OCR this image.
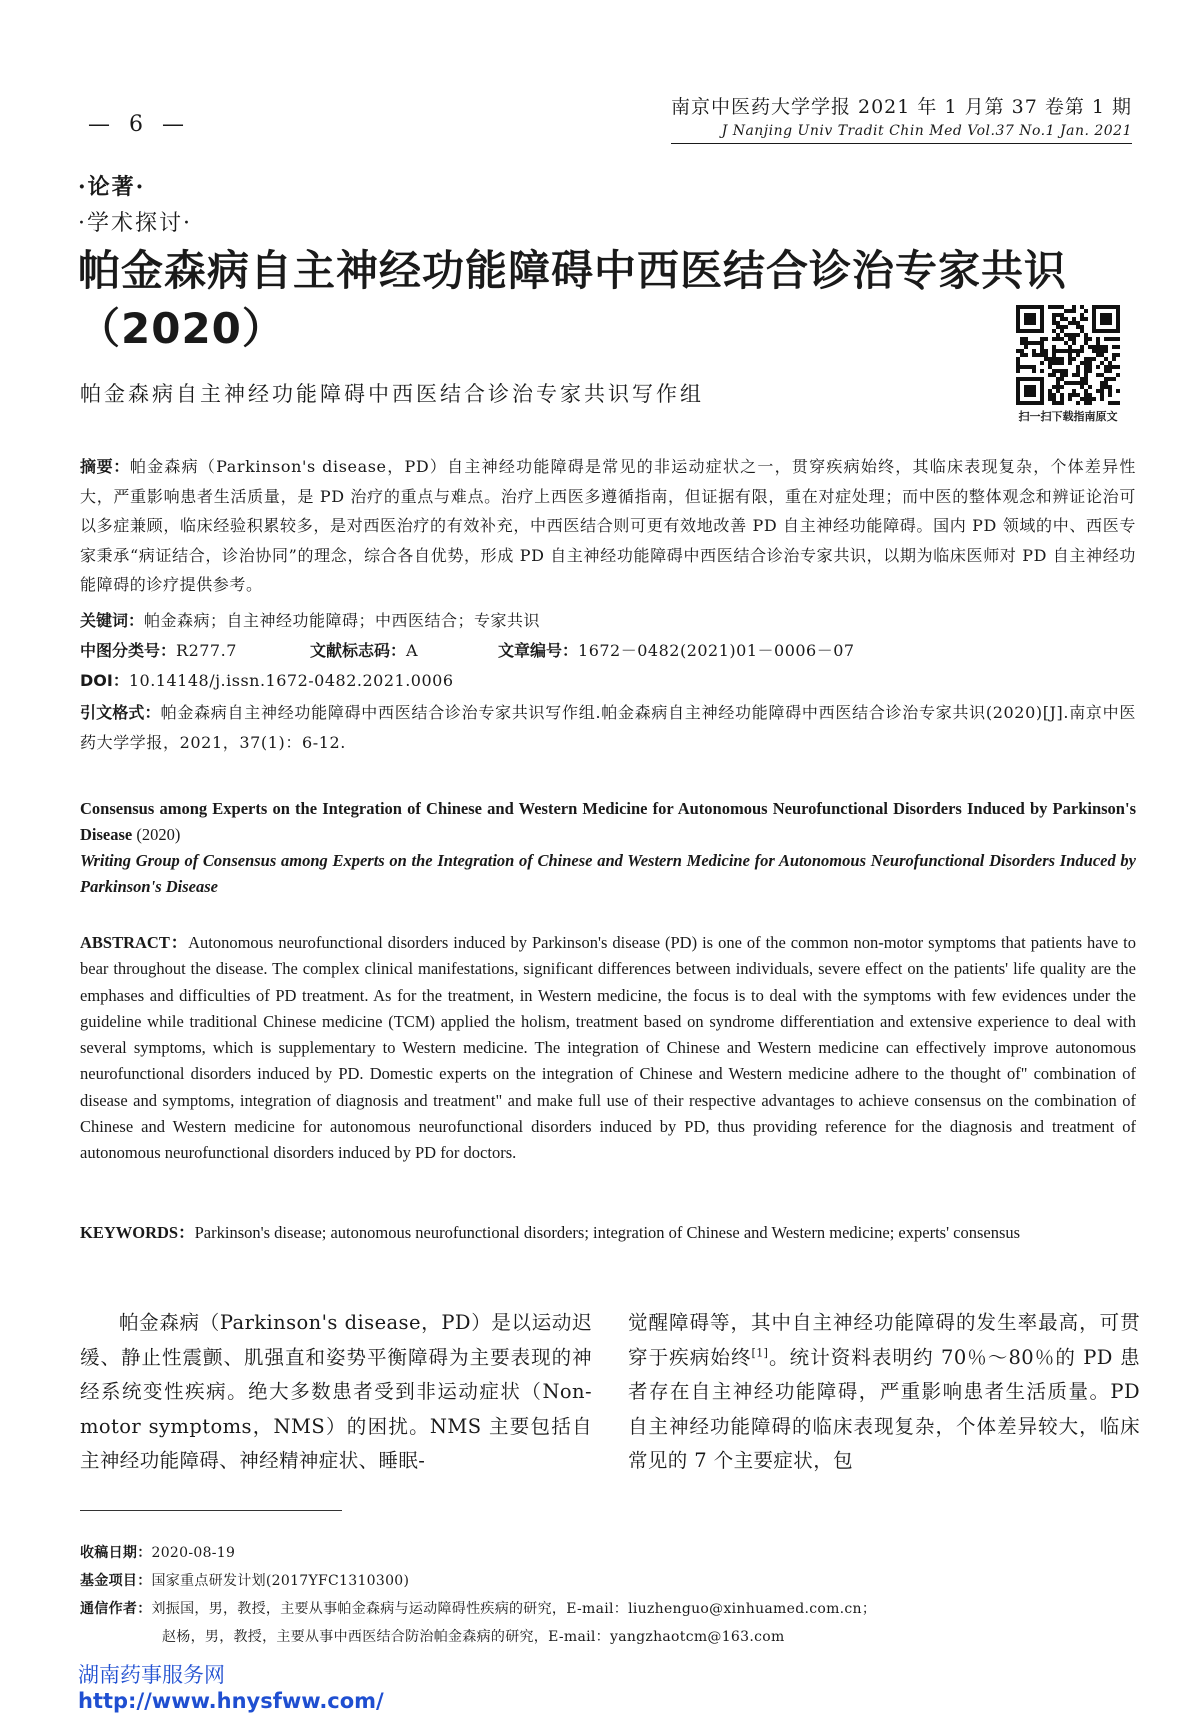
— 6 —
南京中医药大学学报 2021 年 1 月第 37 卷第 1 期
J Nanjing Univ Tradit Chin Med Vol.37 No.1 Jan. 2021
·论著·
·学术探讨·
帕金森病自主神经功能障碍中西医结合诊治专家共识（2020）
扫一扫下载指南原文
帕金森病自主神经功能障碍中西医结合诊治专家共识写作组
摘要：帕金森病（Parkinson's disease，PD）自主神经功能障碍是常见的非运动症状之一，贯穿疾病始终，其临床表现复杂，个体差异性大，严重影响患者生活质量，是 PD 治疗的重点与难点。治疗上西医多遵循指南，但证据有限，重在对症处理；而中医的整体观念和辨证论治可以多症兼顾，临床经验积累较多，是对西医治疗的有效补充，中西医结合则可更有效地改善 PD 自主神经功能障碍。国内 PD 领域的中、西医专家秉承“病证结合，诊治协同”的理念，综合各自优势，形成 PD 自主神经功能障碍中西医结合诊治专家共识，以期为临床医师对 PD 自主神经功能障碍的诊疗提供参考。
关键词：帕金森病；自主神经功能障碍；中西医结合；专家共识
中图分类号：R277.7	文献标志码：A	文章编号：1672－0482(2021)01－0006－07
DOI：10.14148/j.issn.1672-0482.2021.0006
引文格式：帕金森病自主神经功能障碍中西医结合诊治专家共识写作组.帕金森病自主神经功能障碍中西医结合诊治专家共识(2020)[J].南京中医药大学学报，2021，37(1)：6-12.
Consensus among Experts on the Integration of Chinese and Western Medicine for Autonomous Neurofunctional Disorders Induced by Parkinson's Disease (2020)
Writing Group of Consensus among Experts on the Integration of Chinese and Western Medicine for Autonomous Neurofunctional Disorders Induced by Parkinson's Disease
ABSTRACT：Autonomous neurofunctional disorders induced by Parkinson's disease (PD) is one of the common non-motor symptoms that patients have to bear throughout the disease. The complex clinical manifestations, significant differences between individuals, severe effect on the patients' life quality are the emphases and difficulties of PD treatment. As for the treatment, in Western medicine, the focus is to deal with the symptoms with few evidences under the guideline while traditional Chinese medicine (TCM) applied the holism, treatment based on syndrome differentiation and extensive experience to deal with several symptoms, which is supplementary to Western medicine. The integration of Chinese and Western medicine can effectively improve autonomous neurofunctional disorders induced by PD. Domestic experts on the integration of Chinese and Western medicine adhere to the thought of" combination of disease and symptoms, integration of diagnosis and treatment" and make full use of their respective advantages to achieve consensus on the combination of Chinese and Western medicine for autonomous neurofunctional disorders induced by PD, thus providing reference for the diagnosis and treatment of autonomous neurofunctional disorders induced by PD for doctors.
KEYWORDS：Parkinson's disease; autonomous neurofunctional disorders; integration of Chinese and Western medicine; experts' consensus
帕金森病（Parkinson's disease，PD）是以运动迟缓、静止性震颤、肌强直和姿势平衡障碍为主要表现的神经系统变性疾病。绝大多数患者受到非运动症状（Non-motor symptoms，NMS）的困扰。NMS 主要包括自主神经功能障碍、神经精神症状、睡眠-
觉醒障碍等，其中自主神经功能障碍的发生率最高，可贯穿于疾病始终[1]。统计资料表明约 70％～80％的 PD 患者存在自主神经功能障碍，严重影响患者生活质量。PD 自主神经功能障碍的临床表现复杂，个体差异较大，临床常见的 7 个主要症状，包
收稿日期：2020-08-19
基金项目：国家重点研发计划(2017YFC1310300)
通信作者：刘振国，男，教授，主要从事帕金森病与运动障碍性疾病的研究，E-mail：liuzhenguo@xinhuamed.com.cn；
赵杨，男，教授，主要从事中西医结合防治帕金森病的研究，E-mail：yangzhaotcm@163.com
湖南药事服务网
http://www.hnysfww.com/
